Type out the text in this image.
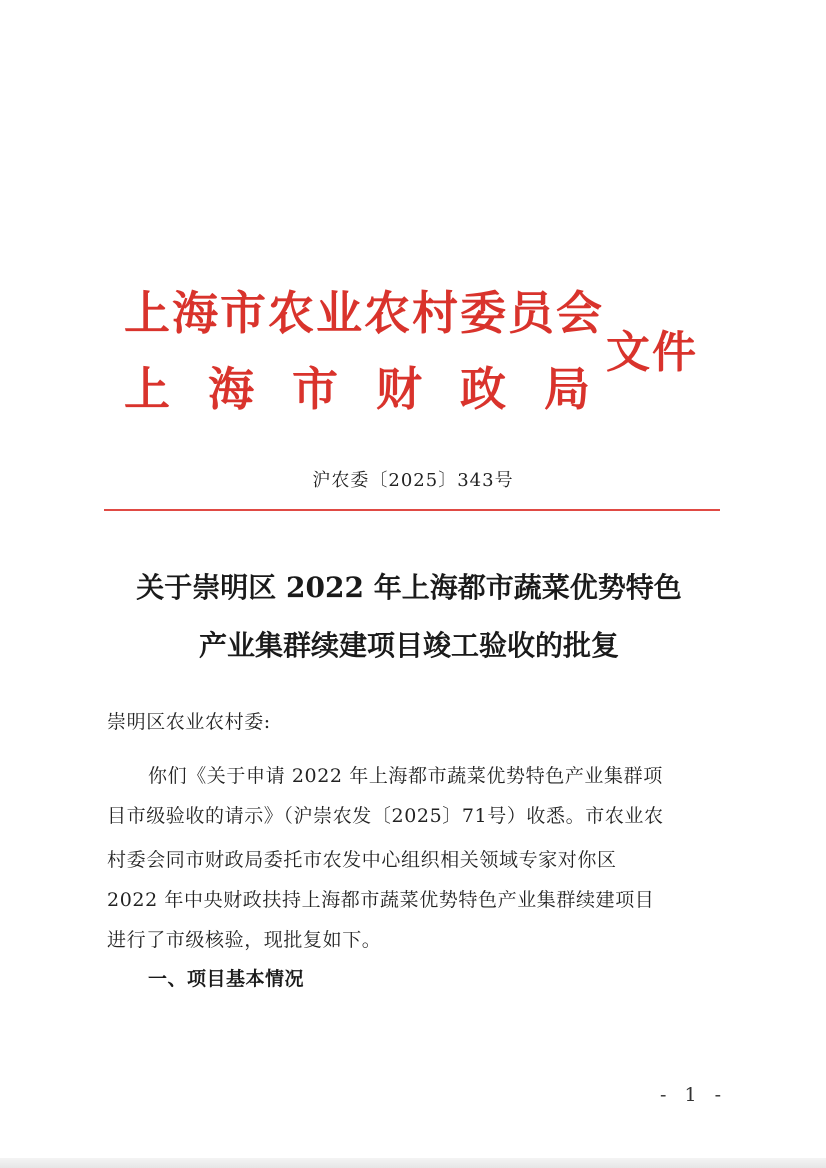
上海市农业农村委员会
上海市财政局
文件
沪农委〔2025〕343号
关于崇明区 2022 年上海都市蔬菜优势特色
产业集群续建项目竣工验收的批复
崇明区农业农村委:
你们《关于申请 2022 年上海都市蔬菜优势特色产业集群项
目市级验收的请示》（沪崇农发〔2025〕71号）收悉。市农业农
村委会同市财政局委托市农发中心组织相关领域专家对你区
2022 年中央财政扶持上海都市蔬菜优势特色产业集群续建项目
进行了市级核验，现批复如下。
一、项目基本情况
- 1 -
